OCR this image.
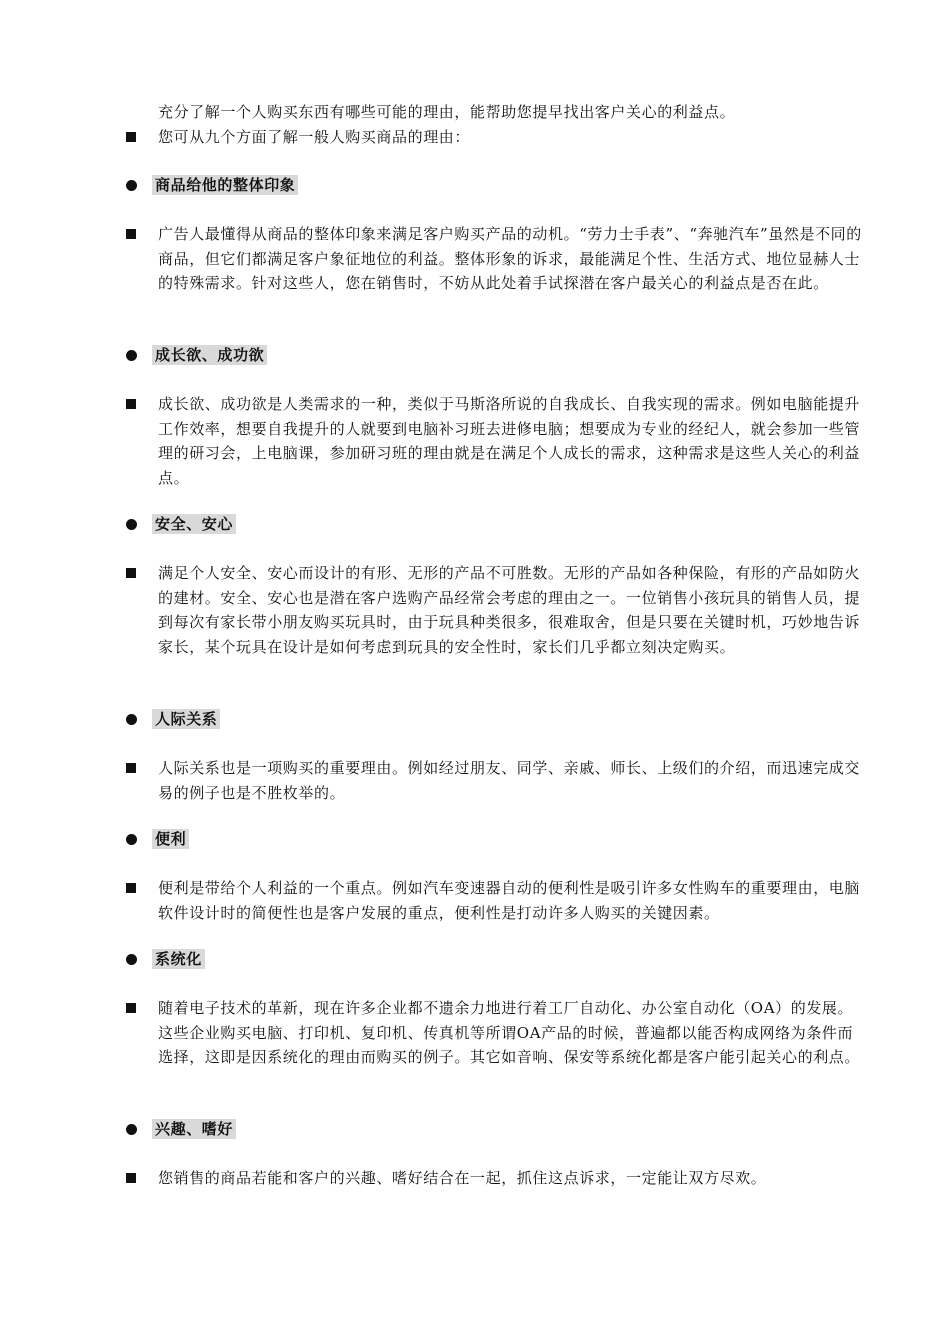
充分了解一个人购买东西有哪些可能的理由，能帮助您提早找出客户关心的利益点。

您可从九个方面了解一般人购买商品的理由：

商品给他的整体印象

广告人最懂得从商品的整体印象来满足客户购买产品的动机。“劳力士手表”、“奔驰汽车”虽然是不同的商品，但它们都满足客户象征地位的利益。整体形象的诉求，最能满足个性、生活方式、地位显赫人士的特殊需求。针对这些人，您在销售时，不妨从此处着手试探潜在客户最关心的利益点是否在此。

成长欲、成功欲

成长欲、成功欲是人类需求的一种，类似于马斯洛所说的自我成长、自我实现的需求。例如电脑能提升工作效率，想要自我提升的人就要到电脑补习班去进修电脑；想要成为专业的经纪人，就会参加一些管理的研习会，上电脑课，参加研习班的理由就是在满足个人成长的需求，这种需求是这些人关心的利益点。

安全、安心

满足个人安全、安心而设计的有形、无形的产品不可胜数。无形的产品如各种保险，有形的产品如防火的建材。安全、安心也是潜在客户选购产品经常会考虑的理由之一。一位销售小孩玩具的销售人员，提到每次有家长带小朋友购买玩具时，由于玩具种类很多，很难取舍，但是只要在关键时机，巧妙地告诉家长，某个玩具在设计是如何考虑到玩具的安全性时，家长们几乎都立刻决定购买。

人际关系

人际关系也是一项购买的重要理由。例如经过朋友、同学、亲戚、师长、上级们的介绍，而迅速完成交易的例子也是不胜枚举的。

便利

便利是带给个人利益的一个重点。例如汽车变速器自动的便利性是吸引许多女性购车的重要理由，电脑软件设计时的简便性也是客户发展的重点，便利性是打动许多人购买的关键因素。

系统化

随着电子技术的革新，现在许多企业都不遗余力地进行着工厂自动化、办公室自动化（OA）的发展。这些企业购买电脑、打印机、复印机、传真机等所谓OA产品的时候，普遍都以能否构成网络为条件而选择，这即是因系统化的理由而购买的例子。其它如音响、保安等系统化都是客户能引起关心的利点。

兴趣、嗜好

您销售的商品若能和客户的兴趣、嗜好结合在一起，抓住这点诉求，一定能让双方尽欢。
